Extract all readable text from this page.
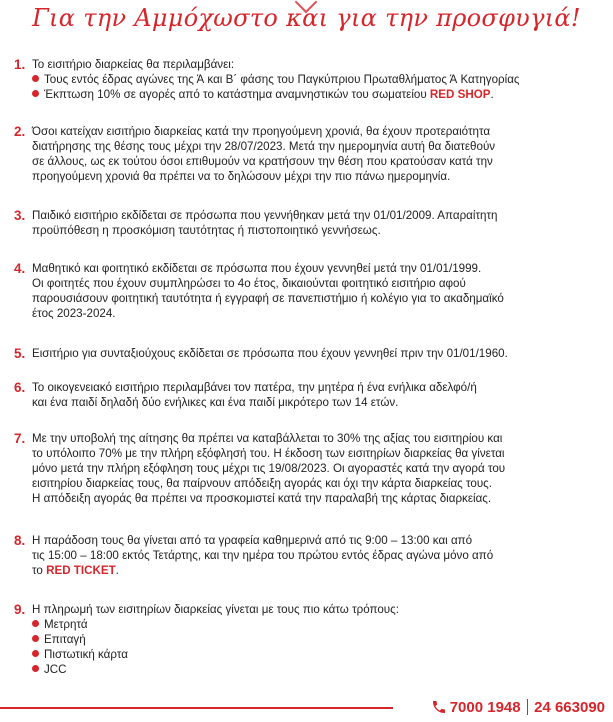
Για την Αμμόχωστο και για την προσφυγιά!
1. Το εισιτήριο διαρκείας θα περιλαμβάνει:
Τους εντός έδρας αγώνες της Ά και Β΄ φάσης του Παγκύπριου Πρωταθλήματος Ά Κατηγορίας
Έκπτωση 10% σε αγορές από το κατάστημα αναμνηστικών του σωματείου RED SHOP.
2. Όσοι κατείχαν εισιτήριο διαρκείας κατά την προηγούμενη χρονιά, θα έχουν προτεραιότητα
διατήρησης της θέσης τους μέχρι την 28/07/2023. Μετά την ημερομηνία αυτή θα διατεθούν
σε άλλους, ως εκ τούτου όσοι επιθυμούν να κρατήσουν την θέση που κρατούσαν κατά την
προηγούμενη χρονιά θα πρέπει να το δηλώσουν μέχρι την πιο πάνω ημερομηνία.
3. Παιδικό εισιτήριο εκδίδεται σε πρόσωπα που γεννήθηκαν μετά την 01/01/2009. Απαραίτητη
προϋπόθεση η προσκόμιση ταυτότητας ή πιστοποιητικό γεννήσεως.
4. Μαθητικό και φοιτητικό εκδίδεται σε πρόσωπα που έχουν γεννηθεί μετά την 01/01/1999.
Οι φοιτητές που έχουν συμπληρώσει το 4ο έτος, δικαιούνται φοιτητικό εισιτήριο αφού
παρουσιάσουν φοιτητική ταυτότητα ή εγγραφή σε πανεπιστήμιο ή κολέγιο για το ακαδημαϊκό
έτος 2023-2024.
5. Εισιτήριο για συνταξιούχους εκδίδεται σε πρόσωπα που έχουν γεννηθεί πριν την 01/01/1960.
6. Το οικογενειακό εισιτήριο περιλαμβάνει τον πατέρα, την μητέρα ή ένα ενήλικα αδελφό/ή
και ένα παιδί δηλαδή δύο ενήλικες και ένα παιδί μικρότερο των 14 ετών.
7. Με την υποβολή της αίτησης θα πρέπει να καταβάλλεται το 30% της αξίας του εισιτηρίου και
το υπόλοιπο 70% με την πλήρη εξόφλησή του. Η έκδοση των εισιτηρίων διαρκείας θα γίνεται
μόνο μετά την πλήρη εξόφληση τους μέχρι τις 19/08/2023. Οι αγοραστές κατά την αγορά του
εισιτηρίου διαρκείας τους, θα παίρνουν απόδειξη αγοράς και όχι την κάρτα διαρκείας τους.
Η απόδειξη αγοράς θα πρέπει να προσκομιστεί κατά την παραλαβή της κάρτας διαρκείας.
8. Η παράδοση τους θα γίνεται από τα γραφεία καθημερινά από τις 9:00 – 13:00 και από
τις 15:00 – 18:00 εκτός Τετάρτης, και την ημέρα του πρώτου εντός έδρας αγώνα μόνο από
το RED TICKET.
9. Η πληρωμή των εισιτηρίων διαρκείας γίνεται με τους πιο κάτω τρόπους:
Μετρητά
Επιταγή
Πιστωτική κάρτα
JCC
7000 1948 24 663090
